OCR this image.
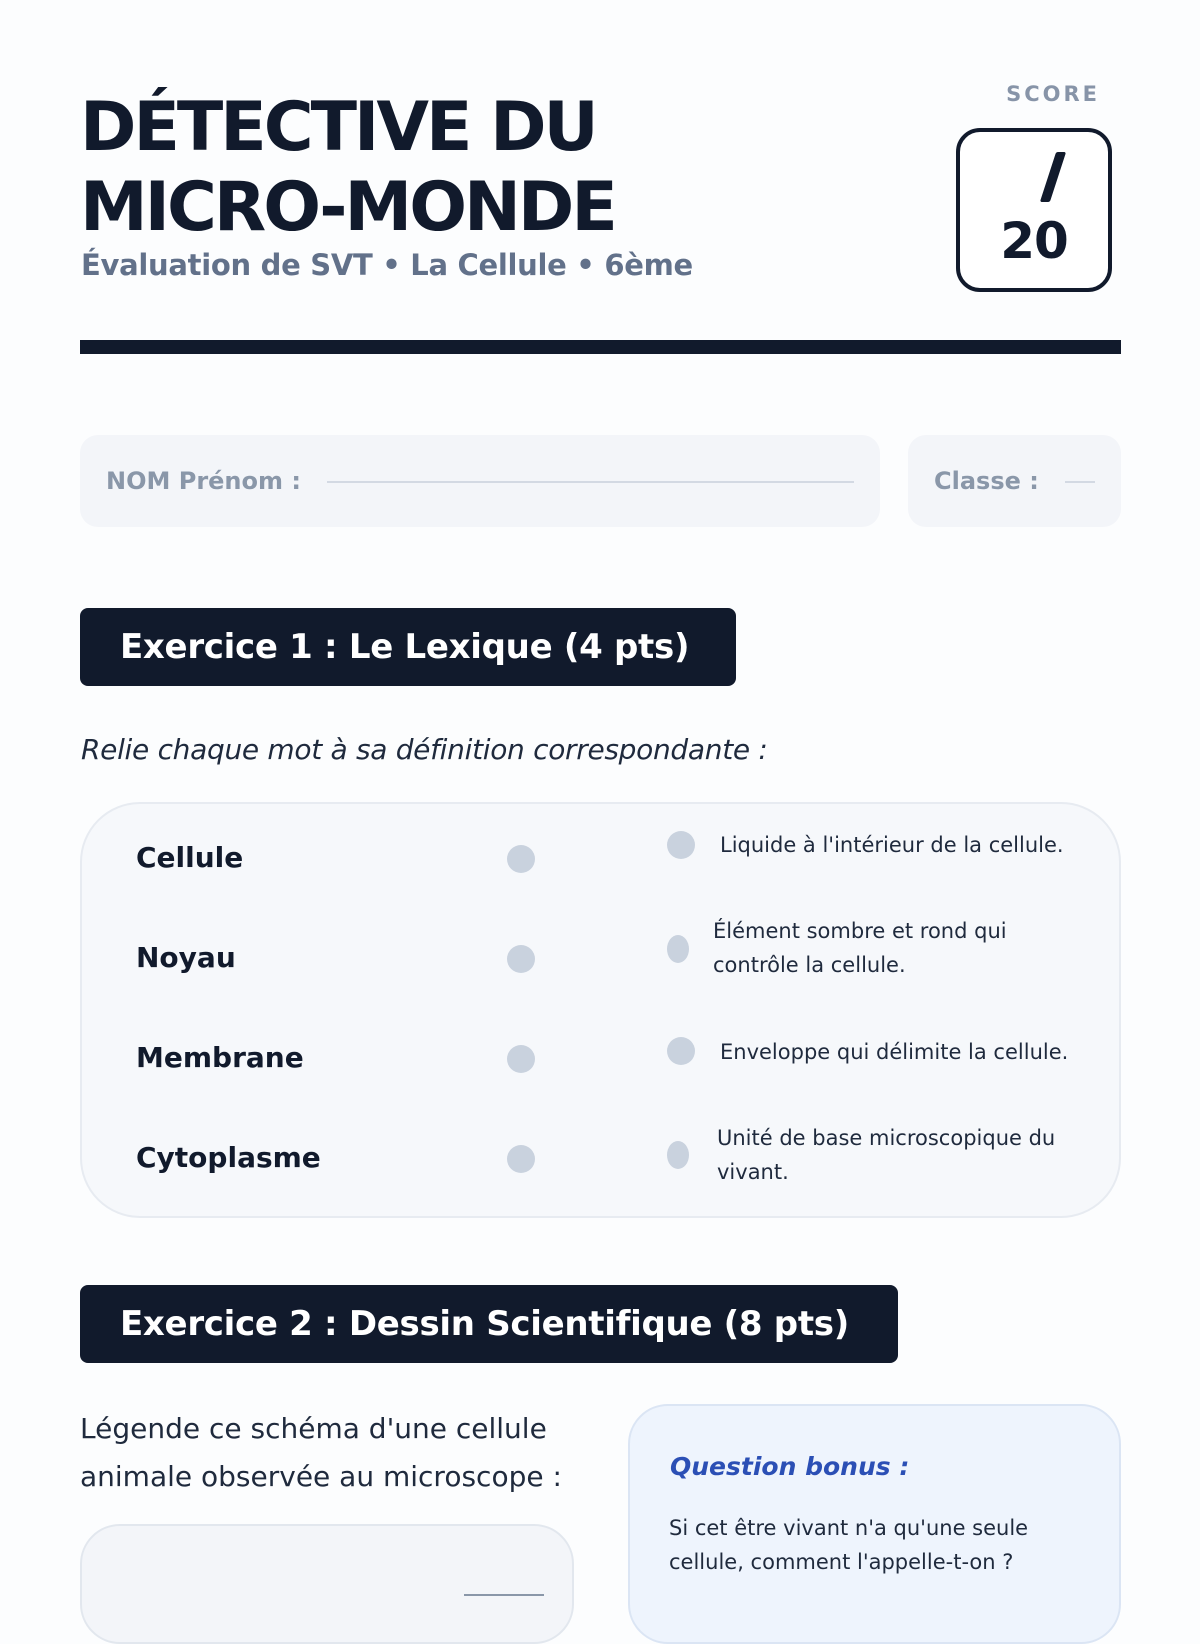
DÉTECTIVE DU
MICRO-MONDE
Évaluation de SVT • La Cellule • 6ème
SCORE
20
NOM Prénom :	Classe :
Exercice 1 : Le Lexique (4 pts)
Relie chaque mot à sa définition correspondante :
Cellule
Noyau
Membrane
Cytoplasme
Liquide à l'intérieur de la cellule.
Élément sombre et rond qui contrôle la cellule.
Enveloppe qui délimite la cellule.
Unité de base microscopique du vivant.
Exercice 2 : Dessin Scientifique (8 pts)
Légende ce schéma d'une cellule animale observée au microscope :	Question bonus :
Si cet être vivant n'a qu'une seule cellule, comment l'appelle-t-on ?
